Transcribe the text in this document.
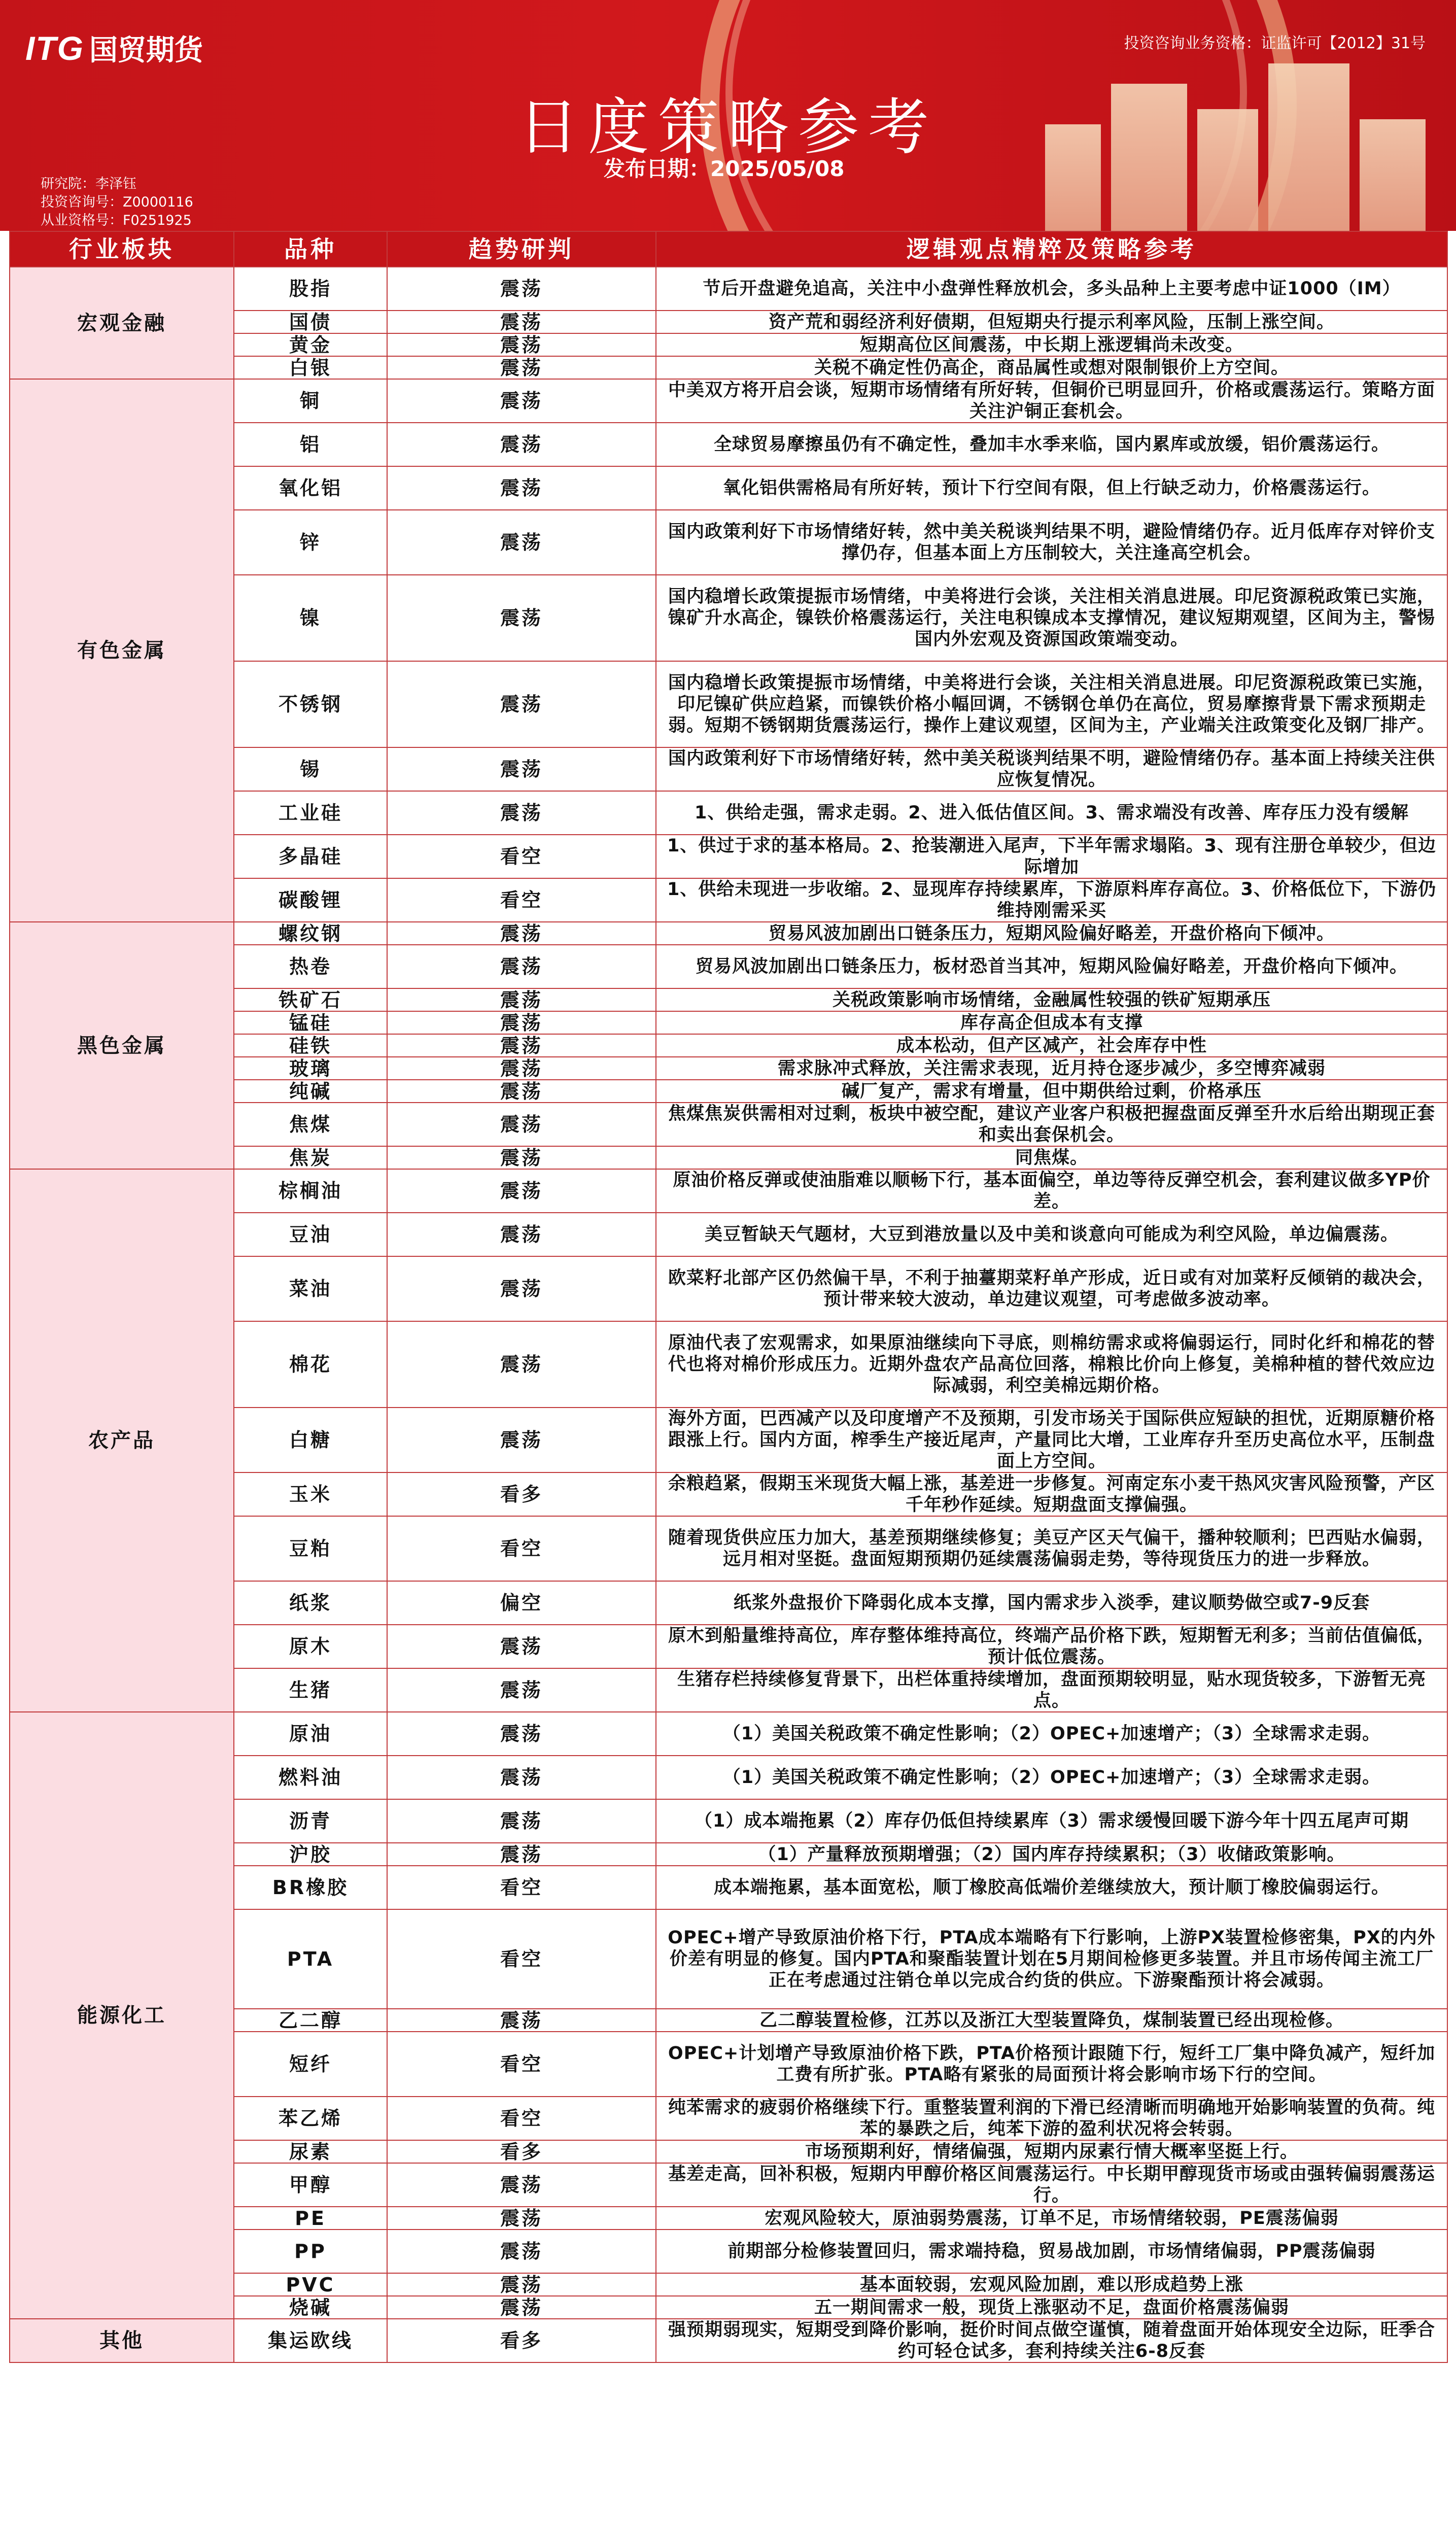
ITG 国贸期货	投资咨询业务资格：证监许可【2012】31号
日度策略参考
发布日期：2025/05/08
研究院：李泽钰
投资咨询号：Z0000116
从业资格号：F0251925
行业板块	品种	趋势研判	逻辑观点精粹及策略参考
宏观金融	股指	震荡	节后开盘避免追高，关注中小盘弹性释放机会，多头品种上主要考虑中证1000（IM）
	国债	震荡	资产荒和弱经济利好债期，但短期央行提示利率风险，压制上涨空间。
	黄金	震荡	短期高位区间震荡，中长期上涨逻辑尚未改变。
	白银	震荡	关税不确定性仍高企，商品属性或想对限制银价上方空间。
有色金属	铜	震荡	中美双方将开启会谈，短期市场情绪有所好转，但铜价已明显回升，价格或震荡运行。策略方面关注沪铜正套机会。
	铝	震荡	全球贸易摩擦虽仍有不确定性，叠加丰水季来临，国内累库或放缓，铝价震荡运行。
	氧化铝	震荡	氧化铝供需格局有所好转，预计下行空间有限，但上行缺乏动力，价格震荡运行。
	锌	震荡	国内政策利好下市场情绪好转，然中美关税谈判结果不明，避险情绪仍存。近月低库存对锌价支撑仍存，但基本面上方压制较大，关注逢高空机会。
	镍	震荡	国内稳增长政策提振市场情绪，中美将进行会谈，关注相关消息进展。印尼资源税政策已实施，镍矿升水高企，镍铁价格震荡运行，关注电积镍成本支撑情况，建议短期观望，区间为主，警惕国内外宏观及资源国政策端变动。
	不锈钢	震荡	国内稳增长政策提振市场情绪，中美将进行会谈，关注相关消息进展。印尼资源税政策已实施，印尼镍矿供应趋紧，而镍铁价格小幅回调，不锈钢仓单仍在高位，贸易摩擦背景下需求预期走弱。短期不锈钢期货震荡运行，操作上建议观望，区间为主，产业端关注政策变化及钢厂排产。
	锡	震荡	国内政策利好下市场情绪好转，然中美关税谈判结果不明，避险情绪仍存。基本面上持续关注供应恢复情况。
	工业硅	震荡	1、供给走强，需求走弱。2、进入低估值区间。3、需求端没有改善、库存压力没有缓解
	多晶硅	看空	1、供过于求的基本格局。2、抢装潮进入尾声，下半年需求塌陷。3、现有注册仓单较少，但边际增加
	碳酸锂	看空	1、供给未现进一步收缩。2、显现库存持续累库，下游原料库存高位。3、价格低位下，下游仍维持刚需采买
黑色金属	螺纹钢	震荡	贸易风波加剧出口链条压力，短期风险偏好略差，开盘价格向下倾冲。
	热卷	震荡	贸易风波加剧出口链条压力，板材恐首当其冲，短期风险偏好略差，开盘价格向下倾冲。
	铁矿石	震荡	关税政策影响市场情绪，金融属性较强的铁矿短期承压
	锰硅	震荡	库存高企但成本有支撑
	硅铁	震荡	成本松动，但产区减产，社会库存中性
	玻璃	震荡	需求脉冲式释放，关注需求表现，近月持仓逐步减少，多空博弈减弱
	纯碱	震荡	碱厂复产，需求有增量，但中期供给过剩，价格承压
	焦煤	震荡	焦煤焦炭供需相对过剩，板块中被空配，建议产业客户积极把握盘面反弹至升水后给出期现正套和卖出套保机会。
	焦炭	震荡	同焦煤。
农产品	棕榈油	震荡	原油价格反弹或使油脂难以顺畅下行，基本面偏空，单边等待反弹空机会，套利建议做多YP价差。
	豆油	震荡	美豆暂缺天气题材，大豆到港放量以及中美和谈意向可能成为利空风险，单边偏震荡。
	菜油	震荡	欧菜籽北部产区仍然偏干旱，不利于抽薹期菜籽单产形成，近日或有对加菜籽反倾销的裁决会，预计带来较大波动，单边建议观望，可考虑做多波动率。
	棉花	震荡	原油代表了宏观需求，如果原油继续向下寻底，则棉纺需求或将偏弱运行，同时化纤和棉花的替代也将对棉价形成压力。近期外盘农产品高位回落，棉粮比价向上修复，美棉种植的替代效应边际减弱，利空美棉远期价格。
	白糖	震荡	海外方面，巴西减产以及印度增产不及预期，引发市场关于国际供应短缺的担忧，近期原糖价格跟涨上行。国内方面，榨季生产接近尾声，产量同比大增，工业库存升至历史高位水平，压制盘面上方空间。
	玉米	看多	余粮趋紧，假期玉米现货大幅上涨，基差进一步修复。河南定东小麦干热风灾害风险预警，产区千年秒作延续。短期盘面支撑偏强。
	豆粕	看空	随着现货供应压力加大，基差预期继续修复；美豆产区天气偏干，播种较顺利；巴西贴水偏弱，远月相对坚挺。盘面短期预期仍延续震荡偏弱走势，等待现货压力的进一步释放。
	纸浆	偏空	纸浆外盘报价下降弱化成本支撑，国内需求步入淡季，建议顺势做空或7-9反套
	原木	震荡	原木到船量维持高位，库存整体维持高位，终端产品价格下跌，短期暂无利多；当前估值偏低，预计低位震荡。
	生猪	震荡	生猪存栏持续修复背景下，出栏体重持续增加，盘面预期较明显，贴水现货较多，下游暂无亮点。
能源化工	原油	震荡	（1）美国关税政策不确定性影响；（2）OPEC+加速增产；（3）全球需求走弱。
	燃料油	震荡	（1）美国关税政策不确定性影响；（2）OPEC+加速增产；（3）全球需求走弱。
	沥青	震荡	（1）成本端拖累（2）库存仍低但持续累库（3）需求缓慢回暖下游今年十四五尾声可期
	沪胶	震荡	（1）产量释放预期增强；（2）国内库存持续累积；（3）收储政策影响。
	BR橡胶	看空	成本端拖累，基本面宽松，顺丁橡胶高低端价差继续放大，预计顺丁橡胶偏弱运行。
	PTA	看空	OPEC+增产导致原油价格下行，PTA成本端略有下行影响，上游PX装置检修密集，PX的内外价差有明显的修复。国内PTA和聚酯装置计划在5月期间检修更多装置。并且市场传闻主流工厂正在考虑通过注销仓单以完成合约货的供应。下游聚酯预计将会减弱。
	乙二醇	震荡	乙二醇装置检修，江苏以及浙江大型装置降负，煤制装置已经出现检修。
	短纤	看空	OPEC+计划增产导致原油价格下跌，PTA价格预计跟随下行，短纤工厂集中降负减产，短纤加工费有所扩张。PTA略有紧张的局面预计将会影响市场下行的空间。
	苯乙烯	看空	纯苯需求的疲弱价格继续下行。重整装置利润的下滑已经清晰而明确地开始影响装置的负荷。纯苯的暴跌之后，纯苯下游的盈利状况将会转弱。
	尿素	看多	市场预期利好，情绪偏强，短期内尿素行情大概率坚挺上行。
	甲醇	震荡	基差走高，回补积极，短期内甲醇价格区间震荡运行。中长期甲醇现货市场或由强转偏弱震荡运行。
	PE	震荡	宏观风险较大，原油弱势震荡，订单不足，市场情绪较弱，PE震荡偏弱
	PP	震荡	前期部分检修装置回归，需求端持稳，贸易战加剧，市场情绪偏弱，PP震荡偏弱
	PVC	震荡	基本面较弱，宏观风险加剧，难以形成趋势上涨
	烧碱	震荡	五一期间需求一般，现货上涨驱动不足，盘面价格震荡偏弱
其他	集运欧线	看多	强预期弱现实，短期受到降价影响，挺价时间点做空谨慎，随着盘面开始体现安全边际，旺季合约可轻仓试多，套利持续关注6-8反套
